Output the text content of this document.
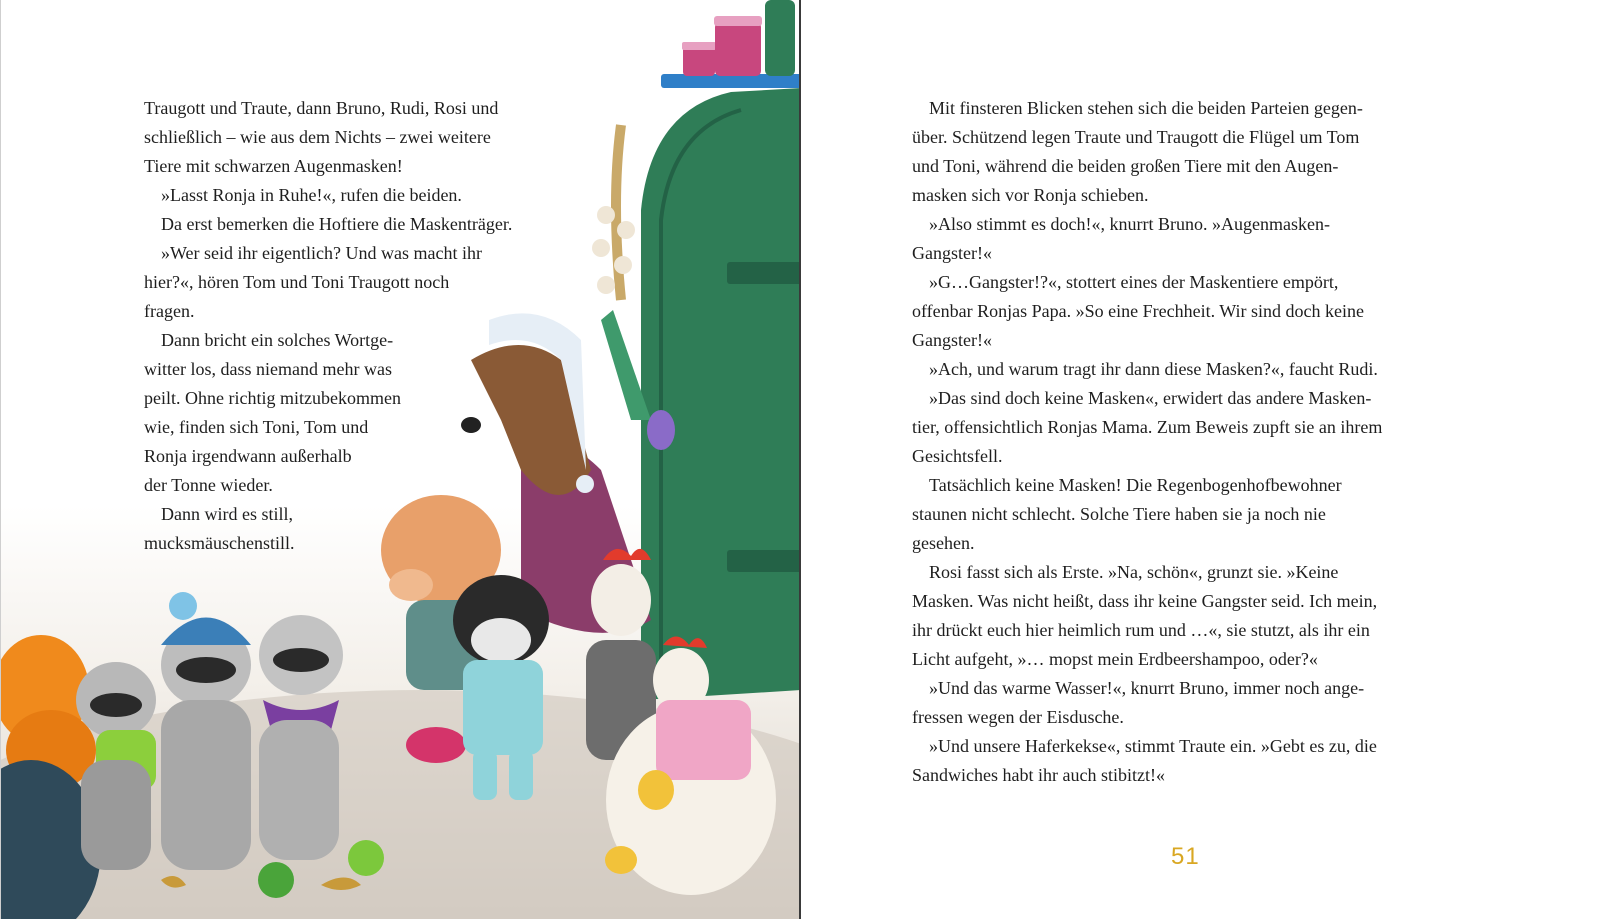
Traugott und Traute, dann Bruno, Rudi, Rosi und
schließlich – wie aus dem Nichts – zwei weitere
Tiere mit schwarzen Augenmasken!
»Lasst Ronja in Ruhe!«, rufen die beiden.
Da erst bemerken die Hoftiere die Maskenträger.
»Wer seid ihr eigentlich? Und was macht ihr
hier?«, hören Tom und Toni Traugott noch
fragen.
Dann bricht ein solches Wortge-
witter los, dass niemand mehr was
peilt. Ohne richtig mitzubekommen
wie, finden sich Toni, Tom und
Ronja irgendwann außerhalb
der Tonne wieder.
Dann wird es still,
mucksmäuschenstill.
Mit finsteren Blicken stehen sich die beiden Parteien gegen-
über. Schützend legen Traute und Traugott die Flügel um Tom
und Toni, während die beiden großen Tiere mit den Augen-
masken sich vor Ronja schieben.
»Also stimmt es doch!«, knurrt Bruno. »Augenmasken-
Gangster!«
»G…Gangster!?«, stottert eines der Maskentiere empört,
offenbar Ronjas Papa. »So eine Frechheit. Wir sind doch keine
Gangster!«
»Ach, und warum tragt ihr dann diese Masken?«, faucht Rudi.
»Das sind doch keine Masken«, erwidert das andere Masken-
tier, offensichtlich Ronjas Mama. Zum Beweis zupft sie an ihrem
Gesichtsfell.
Tatsächlich keine Masken! Die Regenbogenhofbewohner
staunen nicht schlecht. Solche Tiere haben sie ja noch nie
gesehen.
Rosi fasst sich als Erste. »Na, schön«, grunzt sie. »Keine
Masken. Was nicht heißt, dass ihr keine Gangster seid. Ich mein,
ihr drückt euch hier heimlich rum und …«, sie stutzt, als ihr ein
Licht aufgeht, »… mopst mein Erdbeershampoo, oder?«
»Und das warme Wasser!«, knurrt Bruno, immer noch ange-
fressen wegen der Eisdusche.
»Und unsere Haferkekse«, stimmt Traute ein. »Gebt es zu, die
Sandwiches habt ihr auch stibitzt!«
51
